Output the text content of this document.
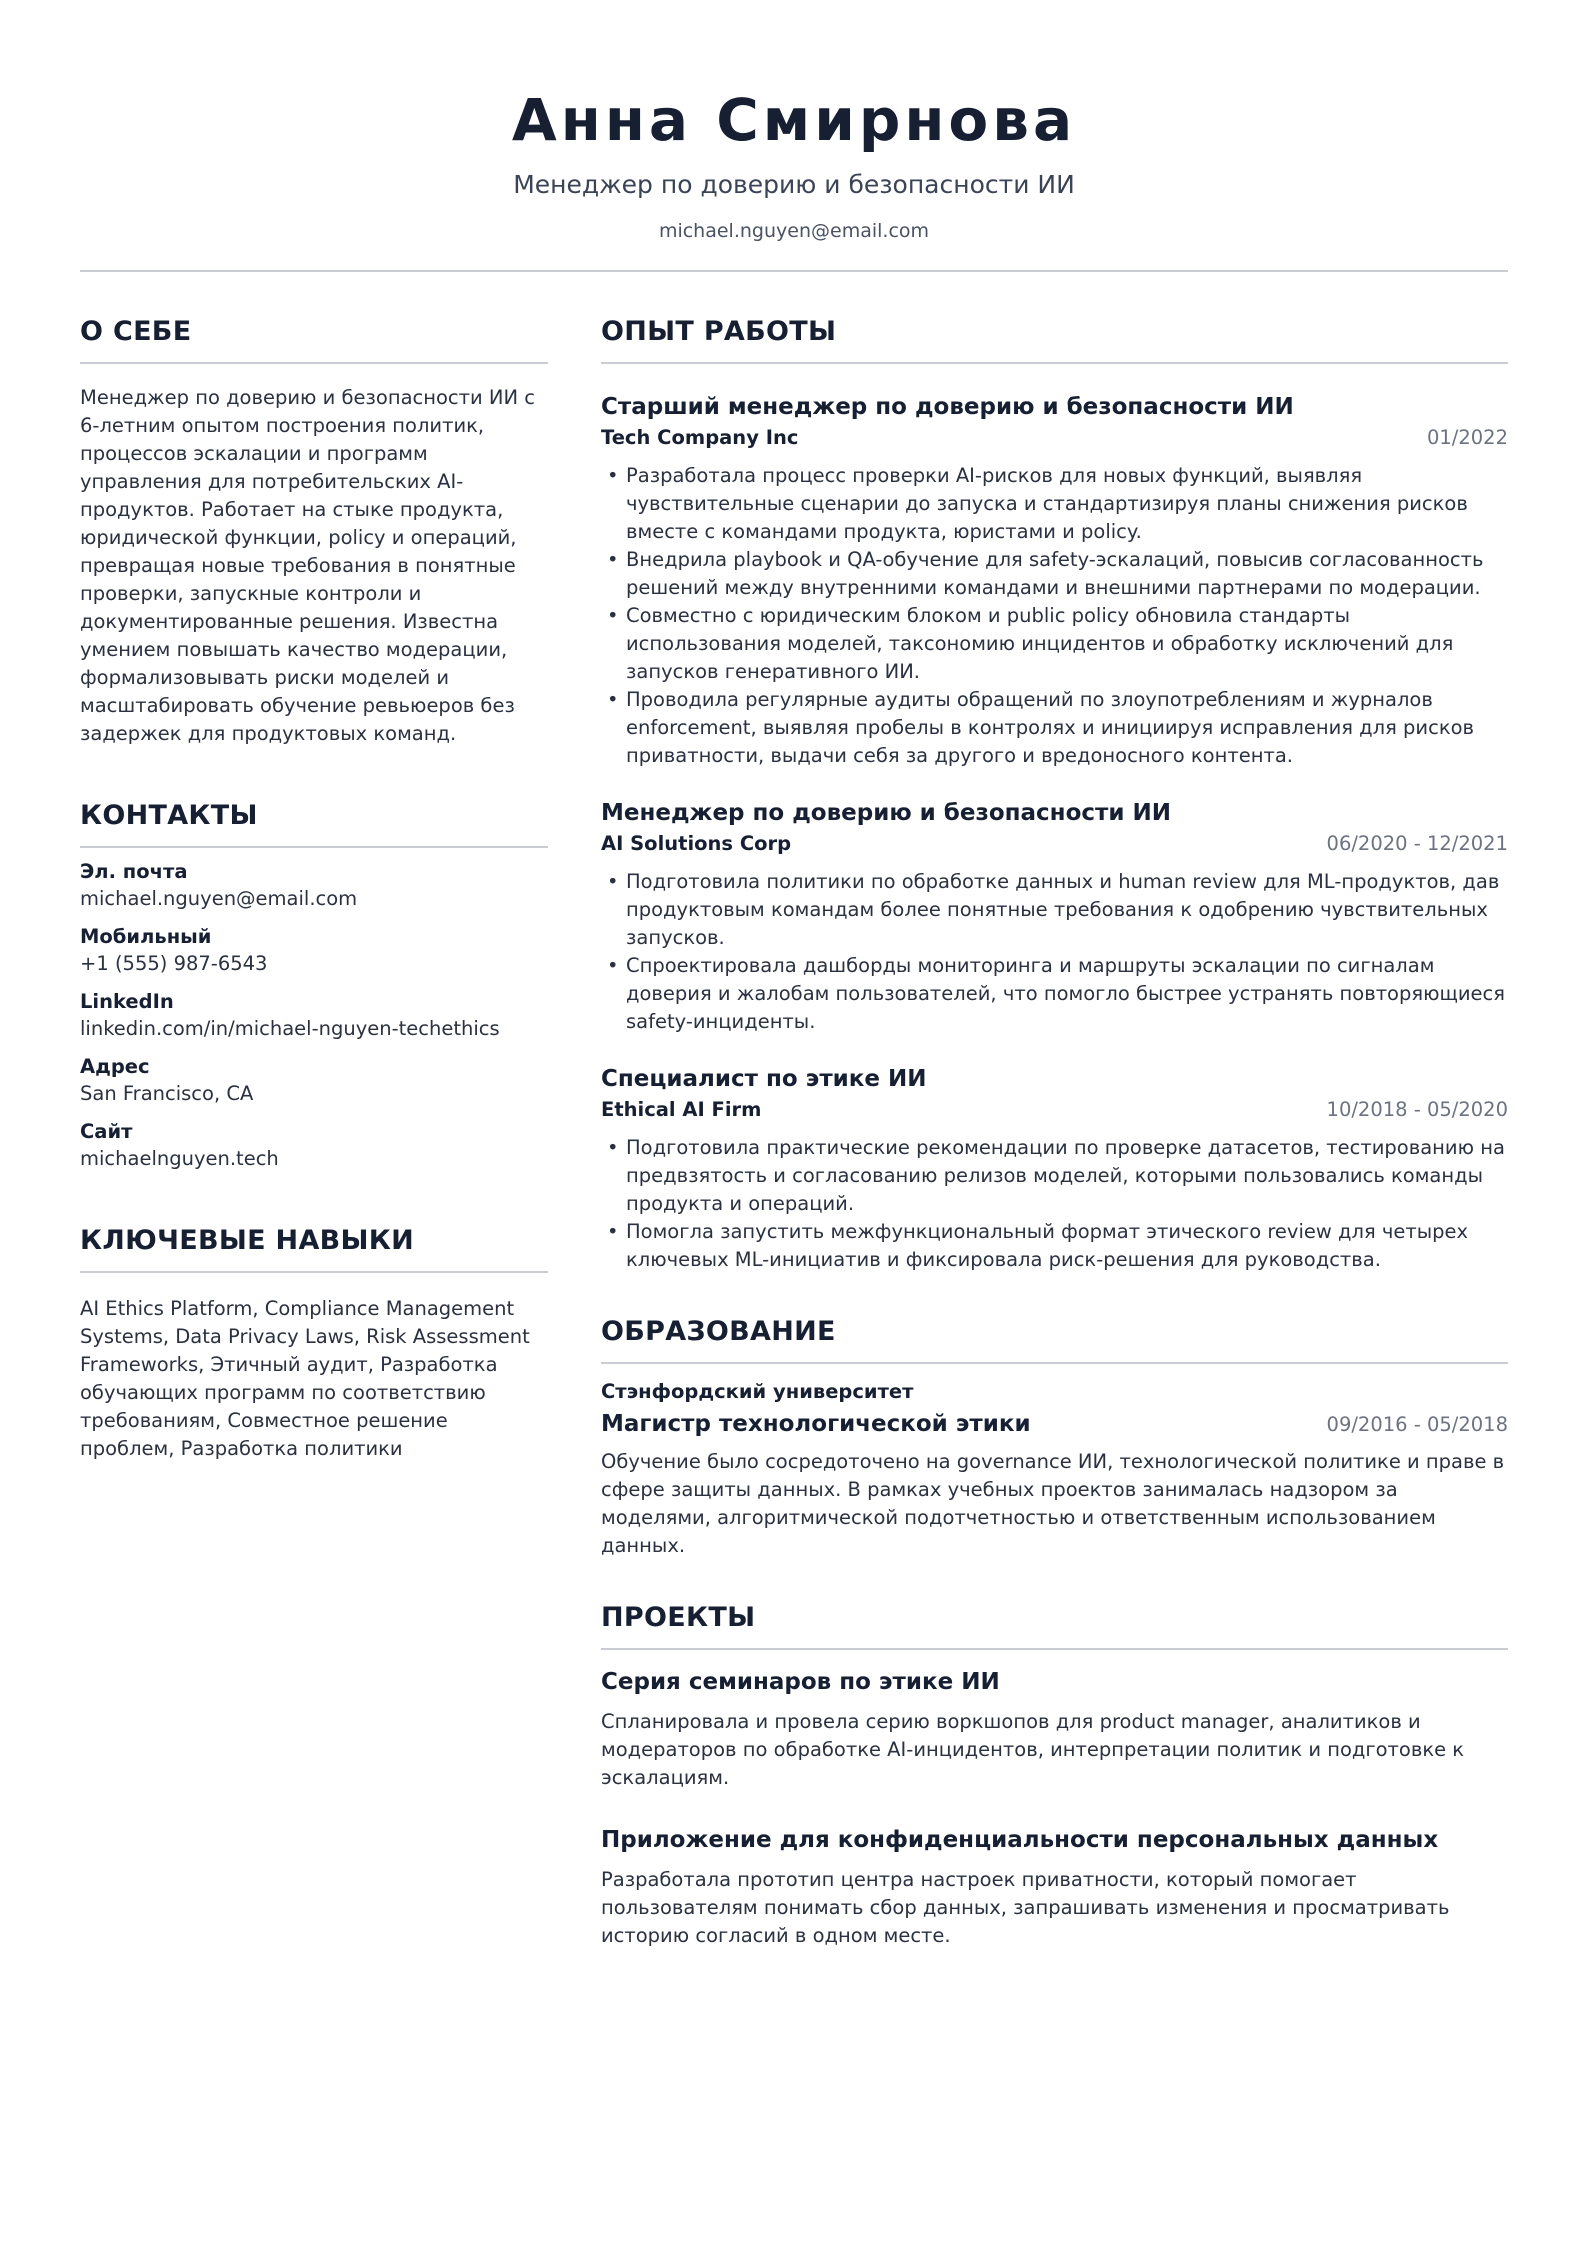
Анна Смирнова
Менеджер по доверию и безопасности ИИ
michael.nguyen@email.com
О СЕБЕ
Менеджер по доверию и безопасности ИИ с 6-летним опытом построения политик, процессов эскалации и программ управления для потребительских AI-продуктов. Работает на стыке продукта, юридической функции, policy и операций, превращая новые требования в понятные проверки, запускные контроли и документированные решения. Известна умением повышать качество модерации, формализовывать риски моделей и масштабировать обучение ревьюеров без задержек для продуктовых команд.
КОНТАКТЫ
Эл. почта
michael.nguyen@email.com
Мобильный
+1 (555) 987-6543
LinkedIn
linkedin.com/in/michael-nguyen-techethics
Адрес
San Francisco, CA
Сайт
michaelnguyen.tech
КЛЮЧЕВЫЕ НАВЫКИ
AI Ethics Platform, Compliance Management Systems, Data Privacy Laws, Risk Assessment Frameworks, Этичный аудит, Разработка обучающих программ по соответствию требованиям, Совместное решение проблем, Разработка политики
ОПЫТ РАБОТЫ
Старший менеджер по доверию и безопасности ИИ
Tech Company Inc	01/2022
• Разработала процесс проверки AI-рисков для новых функций, выявляя чувствительные сценарии до запуска и стандартизируя планы снижения рисков вместе с командами продукта, юристами и policy.
• Внедрила playbook и QA-обучение для safety-эскалаций, повысив согласованность решений между внутренними командами и внешними партнерами по модерации.
• Совместно с юридическим блоком и public policy обновила стандарты использования моделей, таксономию инцидентов и обработку исключений для запусков генеративного ИИ.
• Проводила регулярные аудиты обращений по злоупотреблениям и журналов enforcement, выявляя пробелы в контролях и инициируя исправления для рисков приватности, выдачи себя за другого и вредоносного контента.
Менеджер по доверию и безопасности ИИ
AI Solutions Corp	06/2020 - 12/2021
• Подготовила политики по обработке данных и human review для ML-продуктов, дав продуктовым командам более понятные требования к одобрению чувствительных запусков.
• Спроектировала дашборды мониторинга и маршруты эскалации по сигналам доверия и жалобам пользователей, что помогло быстрее устранять повторяющиеся safety-инциденты.
Специалист по этике ИИ
Ethical AI Firm	10/2018 - 05/2020
• Подготовила практические рекомендации по проверке датасетов, тестированию на предвзятость и согласованию релизов моделей, которыми пользовались команды продукта и операций.
• Помогла запустить межфункциональный формат этического review для четырех ключевых ML-инициатив и фиксировала риск-решения для руководства.
ОБРАЗОВАНИЕ
Стэнфордский университет
Магистр технологической этики	09/2016 - 05/2018
Обучение было сосредоточено на governance ИИ, технологической политике и праве в сфере защиты данных. В рамках учебных проектов занималась надзором за моделями, алгоритмической подотчетностью и ответственным использованием данных.
ПРОЕКТЫ
Серия семинаров по этике ИИ
Спланировала и провела серию воркшопов для product manager, аналитиков и модераторов по обработке AI-инцидентов, интерпретации политик и подготовке к эскалациям.
Приложение для конфиденциальности персональных данных
Разработала прототип центра настроек приватности, который помогает пользователям понимать сбор данных, запрашивать изменения и просматривать историю согласий в одном месте.
